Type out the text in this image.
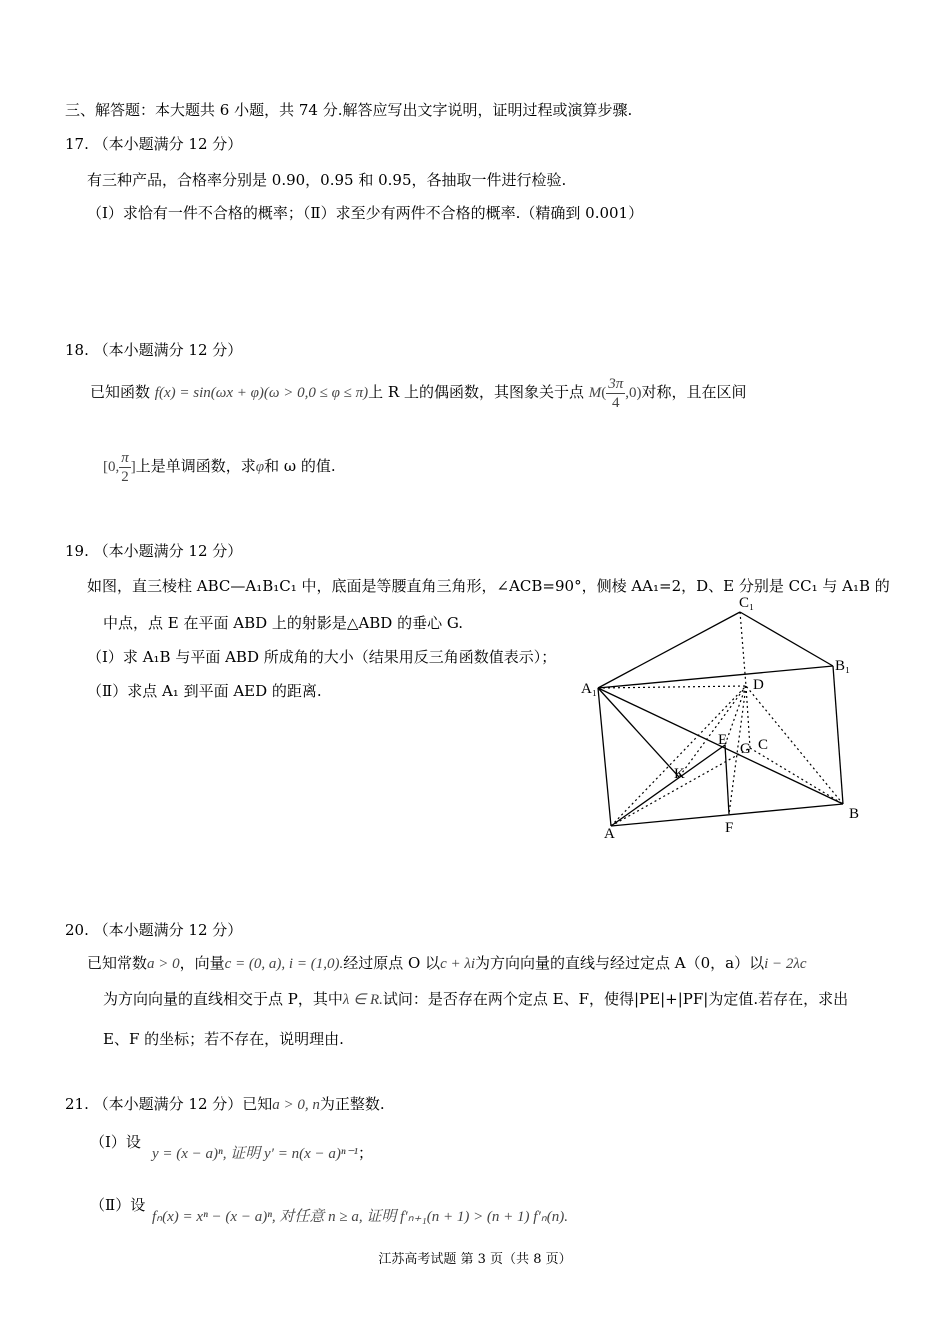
三、解答题：本大题共 6 小题，共 74 分.解答应写出文字说明，证明过程或演算步骤.
17. （本小题满分 12 分）
有三种产品，合格率分别是 0.90，0.95 和 0.95，各抽取一件进行检验.
（Ⅰ）求恰有一件不合格的概率；（Ⅱ）求至少有两件不合格的概率.（精确到 0.001）
18. （本小题满分 12 分）
已知函数 f(x) = sin(ωx + φ)(ω > 0,0 ≤ φ ≤ π)上 R 上的偶函数，其图象关于点 $M( \frac{3\pi}{4} ,0)$对称，且在区间
[0, $\frac{\pi}{2}$ ]上是单调函数，求φ和 ω 的值.
19. （本小题满分 12 分）
如图，直三棱柱 ABC—A₁B₁C₁ 中，底面是等腰直角三角形，∠ACB=90°，侧棱 AA₁=2，D、E 分别是 CC₁ 与 A₁B 的
中点，点 E 在平面 ABD 上的射影是△ABD 的垂心 G.
（Ⅰ）求 A₁B 与平面 ABD 所成角的大小（结果用反三角函数值表示）；
（Ⅱ）求点 A₁ 到平面 AED 的距离.
C₁
B₁
A₁	D
E
G C
K
A	F
B
20. （本小题满分 12 分）
已知常数a > 0，向量c = (0, a), i = (1,0).经过原点 O 以c + λi为方向向量的直线与经过定点 A（0，a）以i − 2λc
为方向向量的直线相交于点 P，其中λ ∈ R.试问：是否存在两个定点 E、F，使得|PE|+|PF|为定值.若存在，求出
E、F 的坐标；若不存在，说明理由.
21. （本小题满分 12 分）已知a > 0, n为正整数.
（Ⅰ）设
y = (x − a)ⁿ, 证明 y′ = n(x − a)ⁿ⁻¹；
（Ⅱ）设
fₙ(x) = xⁿ − (x − a)ⁿ, 对任意 n ≥ a, 证明 f′ₙ₊₁(n + 1) > (n + 1) f′ₙ(n).
江苏高考试题 第 3 页（共 8 页）
